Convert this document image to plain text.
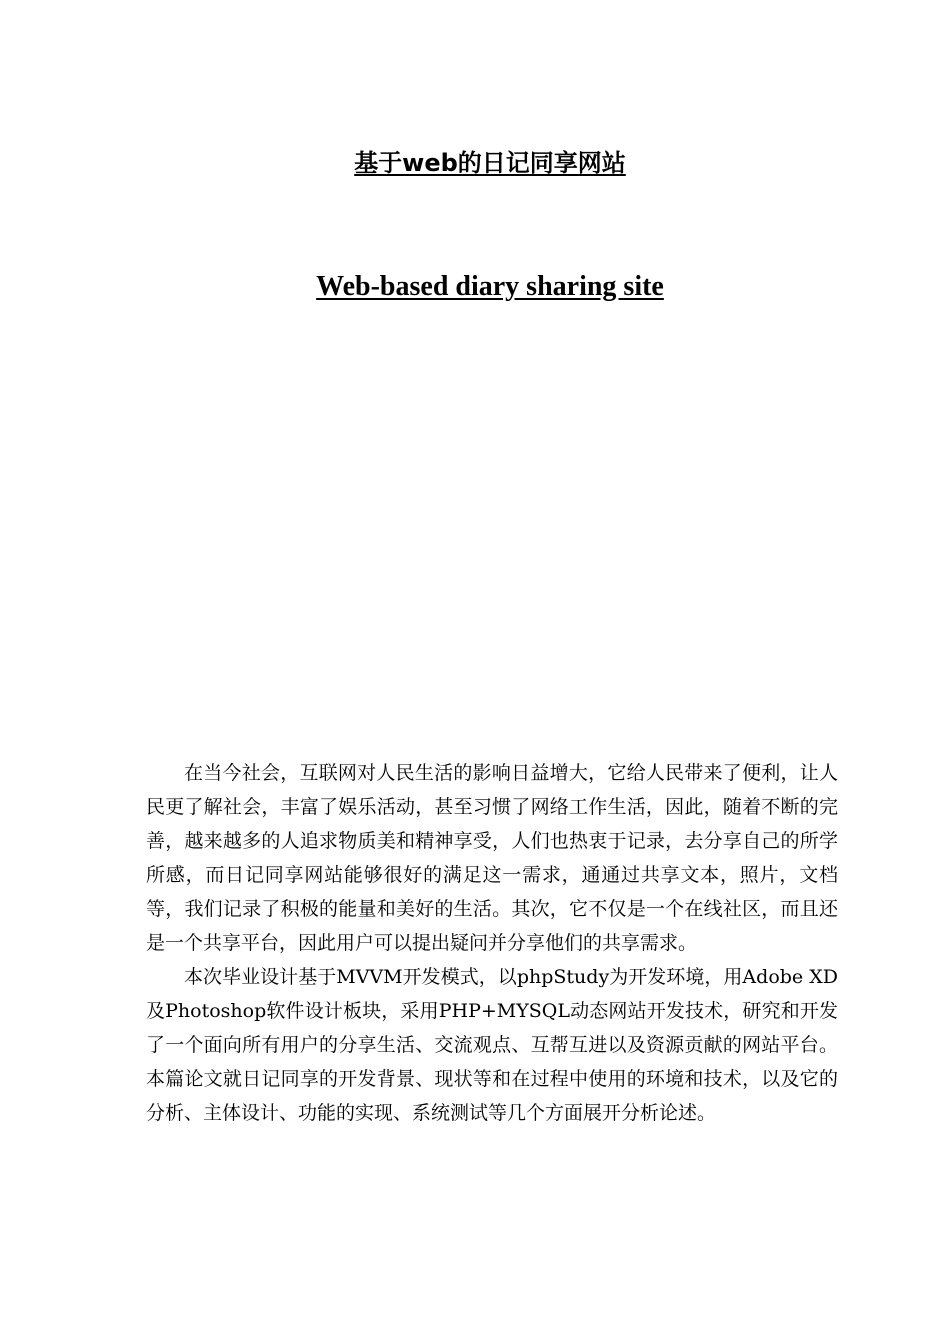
基于web的日记同享网站
Web-based diary sharing site

在当今社会，互联网对人民生活的影响日益增大，它给人民带来了便利，让人民更了解社会，丰富了娱乐活动，甚至习惯了网络工作生活，因此，随着不断的完善，越来越多的人追求物质美和精神享受，人们也热衷于记录，去分享自己的所学所感，而日记同享网站能够很好的满足这一需求，通通过共享文本，照片，文档等，我们记录了积极的能量和美好的生活。其次，它不仅是一个在线社区，而且还是一个共享平台，因此用户可以提出疑问并分享他们的共享需求。

本次毕业设计基于MVVM开发模式，以phpStudy为开发环境，用Adobe XD及Photoshop软件设计板块，采用PHP+MYSQL动态网站开发技术，研究和开发了一个面向所有用户的分享生活、交流观点、互帮互进以及资源贡献的网站平台。本篇论文就日记同享的开发背景、现状等和在过程中使用的环境和技术，以及它的分析、主体设计、功能的实现、系统测试等几个方面展开分析论述。
